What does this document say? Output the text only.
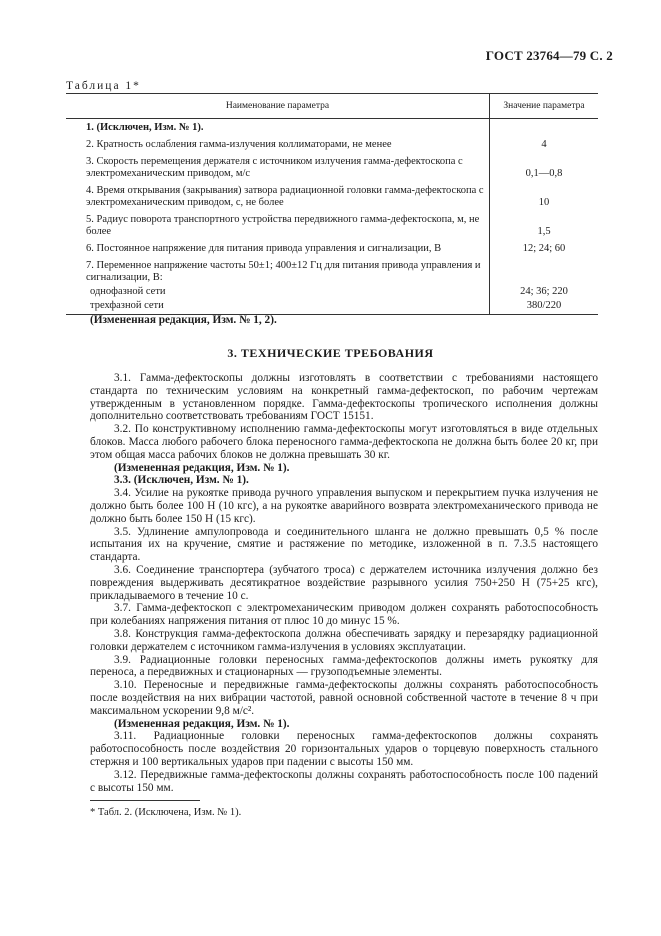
ГОСТ 23764—79 С. 2
Таблица 1*
Наименование параметра	Значение параметра
1. (Исключен, Изм. № 1).	
2. Кратность ослабления гамма-излучения коллиматорами, не менее	4
3. Скорость перемещения держателя с источником излучения гамма-дефектоскопа с электромеханическим приводом, м/с	0,1—0,8
4. Время открывания (закрывания) затвора радиационной головки гамма-дефектоскопа с электромеханическим приводом, с, не более	10
5. Радиус поворота транспортного устройства передвижного гамма-дефектоскопа, м, не более	1,5
6. Постоянное напряжение для питания привода управления и сигнализации, В	12; 24; 60
7. Переменное напряжение частоты 50±1; 400±12 Гц для питания привода управления и сигнализации, В:	
однофазной сети	24; 36; 220
трехфазной сети	380/220
(Измененная редакция, Изм. № 1, 2).
3. ТЕХНИЧЕСКИЕ ТРЕБОВАНИЯ

3.1. Гамма-дефектоскопы должны изготовлять в соответствии с требованиями настоящего стандарта по техническим условиям на конкретный гамма-дефектоскоп, по рабочим чертежам утвержденным в установленном порядке. Гамма-дефектоскопы тропического исполнения должны дополнительно соответствовать требованиям ГОСТ 15151.

3.2. По конструктивному исполнению гамма-дефектоскопы могут изготовляться в виде отдельных блоков. Масса любого рабочего блока переносного гамма-дефектоскопа не должна быть более 20 кг, при этом общая масса рабочих блоков не должна превышать 30 кг.

(Измененная редакция, Изм. № 1).

3.3. (Исключен, Изм. № 1).

3.4. Усилие на рукоятке привода ручного управления выпуском и перекрытием пучка излучения не должно быть более 100 Н (10 кгс), а на рукоятке аварийного возврата электромеханического привода не должно быть более 150 Н (15 кгс).

3.5. Удлинение ампулопровода и соединительного шланга не должно превышать 0,5 % после испытания их на кручение, смятие и растяжение по методике, изложенной в п. 7.3.5 настоящего стандарта.

3.6. Соединение транспортера (зубчатого троса) с держателем источника излучения должно без повреждения выдерживать десятикратное воздействие разрывного усилия 750+250 Н (75+25 кгс), прикладываемого в течение 10 с.

3.7. Гамма-дефектоскоп с электромеханическим приводом должен сохранять работоспособность при колебаниях напряжения питания от плюс 10 до минус 15 %.

3.8. Конструкция гамма-дефектоскопа должна обеспечивать зарядку и перезарядку радиационной головки держателем с источником гамма-излучения в условиях эксплуатации.

3.9. Радиационные головки переносных гамма-дефектоскопов должны иметь рукоятку для переноса, а передвижных и стационарных — грузоподъемные элементы.

3.10. Переносные и передвижные гамма-дефектоскопы должны сохранять работоспособность после воздействия на них вибрации частотой, равной основной собственной частоте в течение 8 ч при максимальном ускорении 9,8 м/с².

(Измененная редакция, Изм. № 1).

3.11. Радиационные головки переносных гамма-дефектоскопов должны сохранять работоспособность после воздействия 20 горизонтальных ударов о торцевую поверхность стального стержня и 100 вертикальных ударов при падении с высоты 150 мм.

3.12. Передвижные гамма-дефектоскопы должны сохранять работоспособность после 100 падений с высоты 150 мм.

* Табл. 2. (Исключена, Изм. № 1).
